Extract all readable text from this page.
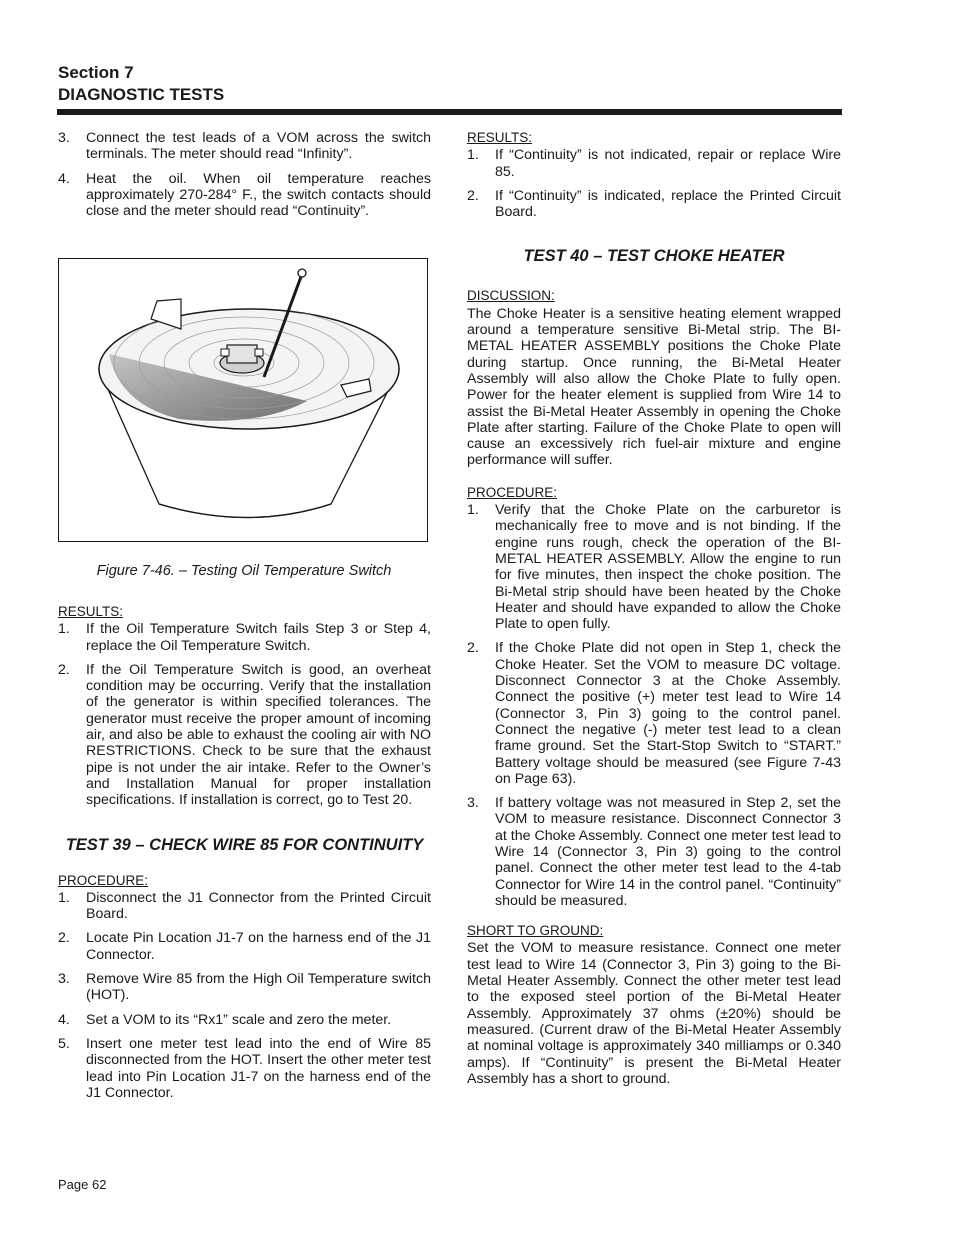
Section 7
DIAGNOSTIC TESTS
3. Connect the test leads of a VOM across the switch terminals. The meter should read “Infinity”.
4. Heat the oil. When oil temperature reaches approximately 270-284° F., the switch contacts should close and the meter should read “Continuity”.
Figure 7-46. – Testing Oil Temperature Switch
RESULTS:
1. If the Oil Temperature Switch fails Step 3 or Step 4, replace the Oil Temperature Switch.
2. If the Oil Temperature Switch is good, an overheat condition may be occurring. Verify that the installation of the generator is within specified tolerances. The generator must receive the proper amount of incoming air, and also be able to exhaust the cooling air with NO RESTRICTIONS. Check to be sure that the exhaust pipe is not under the air intake. Refer to the Owner’s and Installation Manual for proper installation specifications. If installation is correct, go to Test 20.
TEST 39 – CHECK WIRE 85 FOR CONTINUITY
PROCEDURE:
1. Disconnect the J1 Connector from the Printed Circuit Board.
2. Locate Pin Location J1-7 on the harness end of the J1 Connector.
3. Remove Wire 85 from the High Oil Temperature switch (HOT).
4. Set a VOM to its “Rx1” scale and zero the meter.
5. Insert one meter test lead into the end of Wire 85 disconnected from the HOT. Insert the other meter test lead into Pin Location J1-7 on the harness end of the J1 Connector.
RESULTS:
1. If “Continuity” is not indicated, repair or replace Wire 85.
2. If “Continuity” is indicated, replace the Printed Circuit Board.
TEST 40 – TEST CHOKE HEATER
DISCUSSION:

The Choke Heater is a sensitive heating element wrapped around a temperature sensitive Bi-Metal strip. The BI-METAL HEATER ASSEMBLY positions the Choke Plate during startup. Once running, the Bi-Metal Heater Assembly will also allow the Choke Plate to fully open. Power for the heater element is supplied from Wire 14 to assist the Bi-Metal Heater Assembly in opening the Choke Plate after starting. Failure of the Choke Plate to open will cause an excessively rich fuel-air mixture and engine performance will suffer.

PROCEDURE:
1. Verify that the Choke Plate on the carburetor is mechanically free to move and is not binding. If the engine runs rough, check the operation of the BI-METAL HEATER ASSEMBLY. Allow the engine to run for five minutes, then inspect the choke position. The Bi-Metal strip should have been heated by the Choke Heater and should have expanded to allow the Choke Plate to open fully.
2. If the Choke Plate did not open in Step 1, check the Choke Heater. Set the VOM to measure DC voltage. Disconnect Connector 3 at the Choke Assembly. Connect the positive (+) meter test lead to Wire 14 (Connector 3, Pin 3) going to the control panel. Connect the negative (-) meter test lead to a clean frame ground. Set the Start-Stop Switch to “START.” Battery voltage should be measured (see Figure 7-43 on Page 63).
3. If battery voltage was not measured in Step 2, set the VOM to measure resistance. Disconnect Connector 3 at the Choke Assembly. Connect one meter test lead to Wire 14 (Connector 3, Pin 3) going to the control panel. Connect the other meter test lead to the 4-tab Connector for Wire 14 in the control panel. “Continuity” should be measured.
SHORT TO GROUND:

Set the VOM to measure resistance. Connect one meter test lead to Wire 14 (Connector 3, Pin 3) going to the Bi-Metal Heater Assembly. Connect the other meter test lead to the exposed steel portion of the Bi-Metal Heater Assembly. Approximately 37 ohms (±20%) should be measured. (Current draw of the Bi-Metal Heater Assembly at nominal voltage is approximately 340 milliamps or 0.340 amps). If “Continuity” is present the Bi-Metal Heater Assembly has a short to ground.

Page 62
